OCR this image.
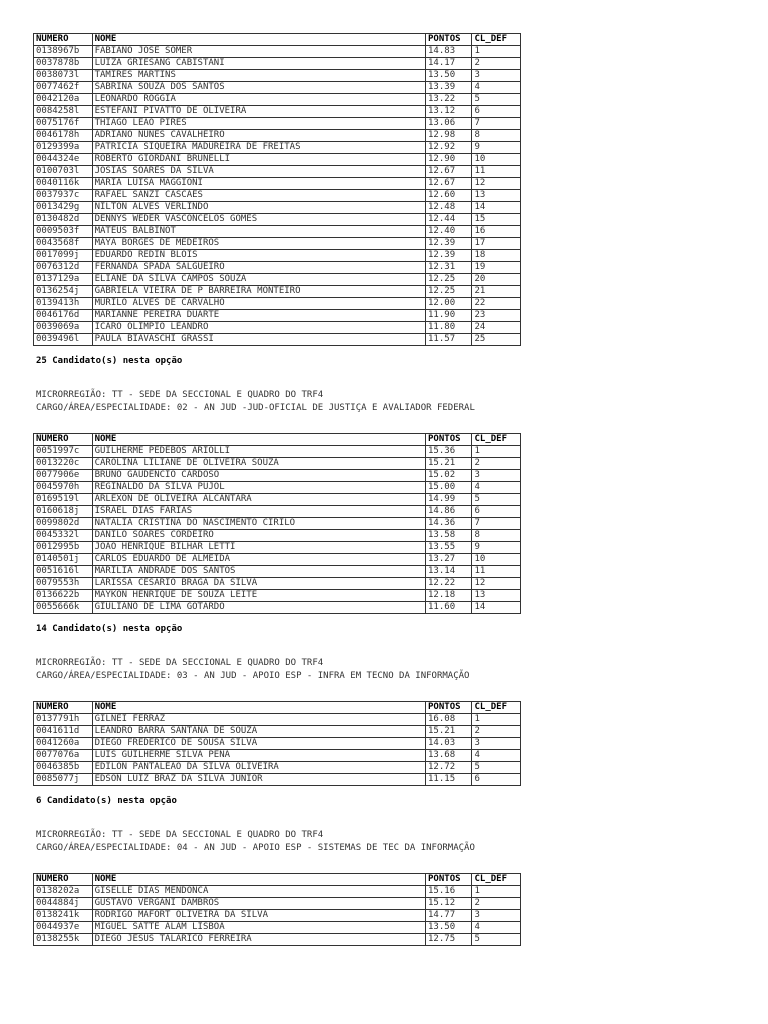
NÚMERO	NOME	PONTOS	CL_DEF
0138967b	FABIANO JOSE SOMER	14.83	1
0037878b	LUIZA GRIESANG CABISTANI	14.17	2
0038073l	TAMIRES MARTINS	13.50	3
0077462f	SABRINA SOUZA DOS SANTOS	13.39	4
0042120a	LEONARDO ROGGIA	13.22	5
0084258l	ESTEFANI PIVATTO DE OLIVEIRA	13.12	6
0075176f	THIAGO LEAO PIRES	13.06	7
0046178h	ADRIANO NUNES CAVALHEIRO	12.98	8
0129399a	PATRICIA SIQUEIRA MADUREIRA DE FREITAS	12.92	9
0044324e	ROBERTO GIORDANI BRUNELLI	12.90	10
0100703l	JOSIAS SOARES DA SILVA	12.67	11
0040116k	MARIA LUISA MAGGIONI	12.67	12
0037937c	RAFAEL SANZI CASCAES	12.60	13
0013429g	NILTON ALVES VERLINDO	12.48	14
0130482d	DENNYS WEDER VASCONCELOS GOMES	12.44	15
0009503f	MATEUS BALBINOT	12.40	16
0043568f	MAYA BORGES DE MEDEIROS	12.39	17
0017099j	EDUARDO REDIN BLOIS	12.39	18
0076312d	FERNANDA SPADA SALGUEIRO	12.31	19
0137129a	ELIANE DA SILVA CAMPOS SOUZA	12.25	20
0136254j	GABRIELA VIEIRA DE P BARREIRA MONTEIRO	12.25	21
0139413h	MURILO ALVES DE CARVALHO	12.00	22
0046176d	MARIANNE PEREIRA DUARTE	11.90	23
0039069a	ICARO OLIMPIO LEANDRO	11.80	24
0039496l	PAULA BIAVASCHI GRASSI	11.57	25
25 Candidato(s) nesta opção
MICRORREGIÃO: TT - SEDE DA SECCIONAL E QUADRO DO TRF4
CARGO/ÁREA/ESPECIALIDADE: 02 - AN JUD -JUD-OFICIAL DE JUSTIÇA E AVALIADOR FEDERAL
NÚMERO	NOME	PONTOS	CL_DEF
0051997c	GUILHERME PEDEBOS ARIOLLI	15.36	1
0013220c	CAROLINA LILIANE DE OLIVEIRA SOUZA	15.21	2
0077906e	BRUNO GAUDENCIO CARDOSO	15.02	3
0045970h	REGINALDO DA SILVA PUJOL	15.00	4
0169519l	ARLEXON DE OLIVEIRA ALCANTARA	14.99	5
0160618j	ISRAEL DIAS FARIAS	14.86	6
0099802d	NATALIA CRISTINA DO NASCIMENTO CIRILO	14.36	7
0045332l	DANILO SOARES CORDEIRO	13.58	8
0012995b	JOAO HENRIQUE BILHAR LETTI	13.55	9
0140501j	CARLOS EDUARDO DE ALMEIDA	13.27	10
0051616l	MARILIA ANDRADE DOS SANTOS	13.14	11
0079553h	LARISSA CESARIO BRAGA DA SILVA	12.22	12
0136622b	MAYKON HENRIQUE DE SOUZA LEITE	12.18	13
0055666k	GIULIANO DE LIMA GOTARDO	11.60	14
14 Candidato(s) nesta opção
MICRORREGIÃO: TT - SEDE DA SECCIONAL E QUADRO DO TRF4
CARGO/ÁREA/ESPECIALIDADE: 03 - AN JUD - APOIO ESP - INFRA EM TECNO DA INFORMAÇÃO
NÚMERO	NOME	PONTOS	CL_DEF
0137791h	GILNEI FERRAZ	16.08	1
0041611d	LEANDRO BARRA SANTANA DE SOUZA	15.21	2
0041260a	DIEGO FREDERICO DE SOUSA SILVA	14.03	3
0077076a	LUIS GUILHERME SILVA PENA	13.68	4
0046385b	EDILON PANTALEAO DA SILVA OLIVEIRA	12.72	5
0085077j	EDSON LUIZ BRAZ DA SILVA JUNIOR	11.15	6
6 Candidato(s) nesta opção
MICRORREGIÃO: TT - SEDE DA SECCIONAL E QUADRO DO TRF4
CARGO/ÁREA/ESPECIALIDADE: 04 - AN JUD - APOIO ESP - SISTEMAS DE TEC DA INFORMAÇÃO
NÚMERO	NOME	PONTOS	CL_DEF
0138202a	GISELLE DIAS MENDONCA	15.16	1
0044884j	GUSTAVO VERGANI DAMBROS	15.12	2
0138241k	RODRIGO MAFORT OLIVEIRA DA SILVA	14.77	3
0044937e	MIGUEL SATTE ALAM LISBOA	13.50	4
0138255k	DIEGO JESUS TALARICO FERREIRA	12.75	5
